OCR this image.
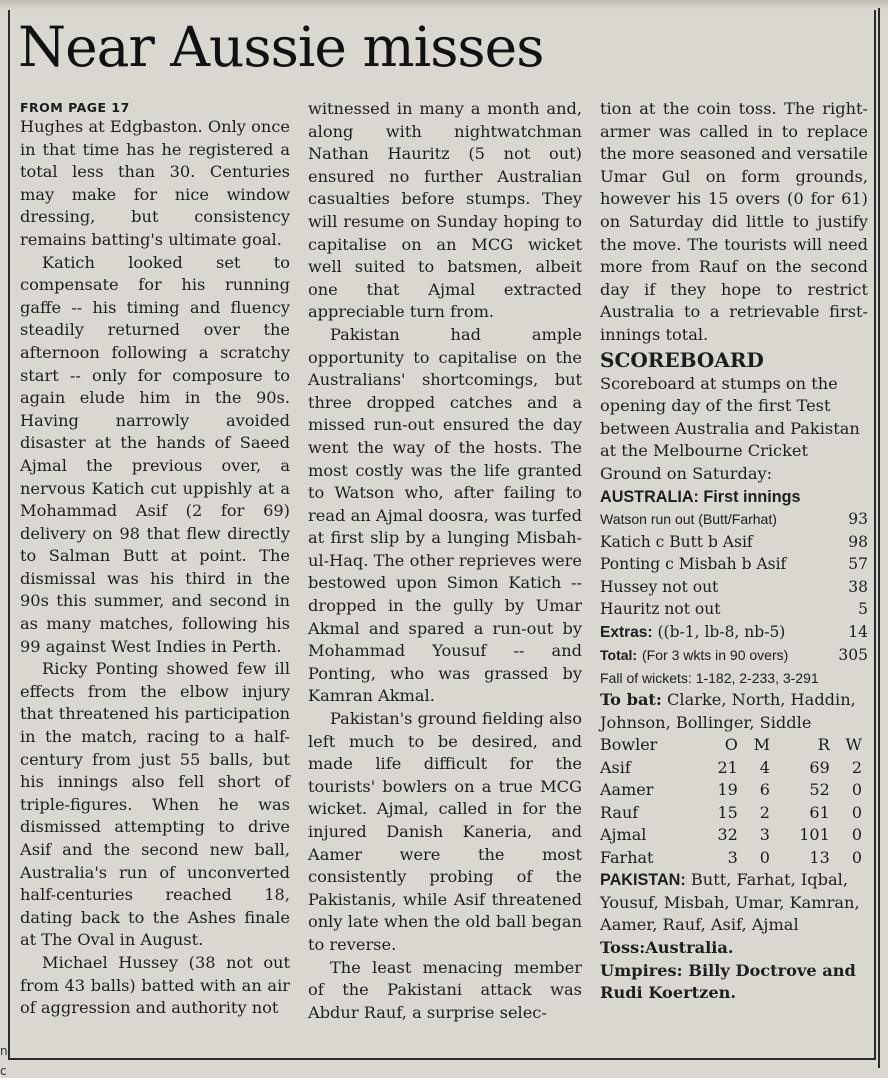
Near Aussie misses

FROM PAGE 17

Hughes at Edgbaston. Only once in that time has he registered a total less than 30. Centuries may make for nice window dressing, but consistency remains batting's ultimate goal.

Katich looked set to compensate for his running gaffe -- his timing and fluency steadily returned over the afternoon following a scratchy start -- only for composure to again elude him in the 90s. Having narrowly avoided disaster at the hands of Saeed Ajmal the previous over, a nervous Katich cut uppishly at a Mohammad Asif (2 for 69) delivery on 98 that flew directly to Salman Butt at point. The dismissal was his third in the 90s this summer, and second in as many matches, following his 99 against West Indies in Perth.

Ricky Ponting showed few ill effects from the elbow injury that threatened his participation in the match, racing to a half-century from just 55 balls, but his innings also fell short of triple-figures. When he was dismissed attempting to drive Asif and the second new ball, Australia's run of unconverted half-centuries reached 18, dating back to the Ashes finale at The Oval in August.

Michael Hussey (38 not out from 43 balls) batted with an air of aggression and authority not

witnessed in many a month and, along with nightwatchman Nathan Hauritz (5 not out) ensured no further Australian casualties before stumps. They will resume on Sunday hoping to capitalise on an MCG wicket well suited to batsmen, albeit one that Ajmal extracted appreciable turn from.

Pakistan had ample opportunity to capitalise on the Australians' shortcomings, but three dropped catches and a missed run-out ensured the day went the way of the hosts. The most costly was the life granted to Watson who, after failing to read an Ajmal doosra, was turfed at first slip by a lunging Misbah-ul-Haq. The other reprieves were bestowed upon Simon Katich -- dropped in the gully by Umar Akmal and spared a run-out by Mohammad Yousuf -- and Ponting, who was grassed by Kamran Akmal.

Pakistan's ground fielding also left much to be desired, and made life difficult for the tourists' bowlers on a true MCG wicket. Ajmal, called in for the injured Danish Kaneria, and Aamer were the most consistently probing of the Pakistanis, while Asif threatened only late when the old ball began to reverse.

The least menacing member of the Pakistani attack was Abdur Rauf, a surprise selec-

tion at the coin toss. The right-armer was called in to replace the more seasoned and versatile Umar Gul on form grounds, however his 15 overs (0 for 61) on Saturday did little to justify the move. The tourists will need more from Rauf on the second day if they hope to restrict Australia to a retrievable first-innings total.

SCOREBOARD

Scoreboard at stumps on the opening day of the first Test between Australia and Pakistan at the Melbourne Cricket Ground on Saturday:

AUSTRALIA: First innings

Watson run out (Butt/Farhat)	93
Katich c Butt b Asif	98
Ponting c Misbah b Asif	57
Hussey not out	38
Hauritz not out	5
Extras: ((b-1, lb-8, nb-5)	14
Total: (For 3 wkts in 90 overs)	305

Fall of wickets: 1-182, 2-233, 3-291

To bat: Clarke, North, Haddin, Johnson, Bollinger, Siddle

Bowler	O	M	R	W
Asif	21	4	69	2
Aamer	19	6	52	0
Rauf	15	2	61	0
Ajmal	32	3	101	0
Farhat	3	0	13	0

PAKISTAN: Butt, Farhat, Iqbal, Yousuf, Misbah, Umar, Kamran, Aamer, Rauf, Asif, Ajmal

Toss:Australia.

Umpires: Billy Doctrove and Rudi Koertzen.

n
c
